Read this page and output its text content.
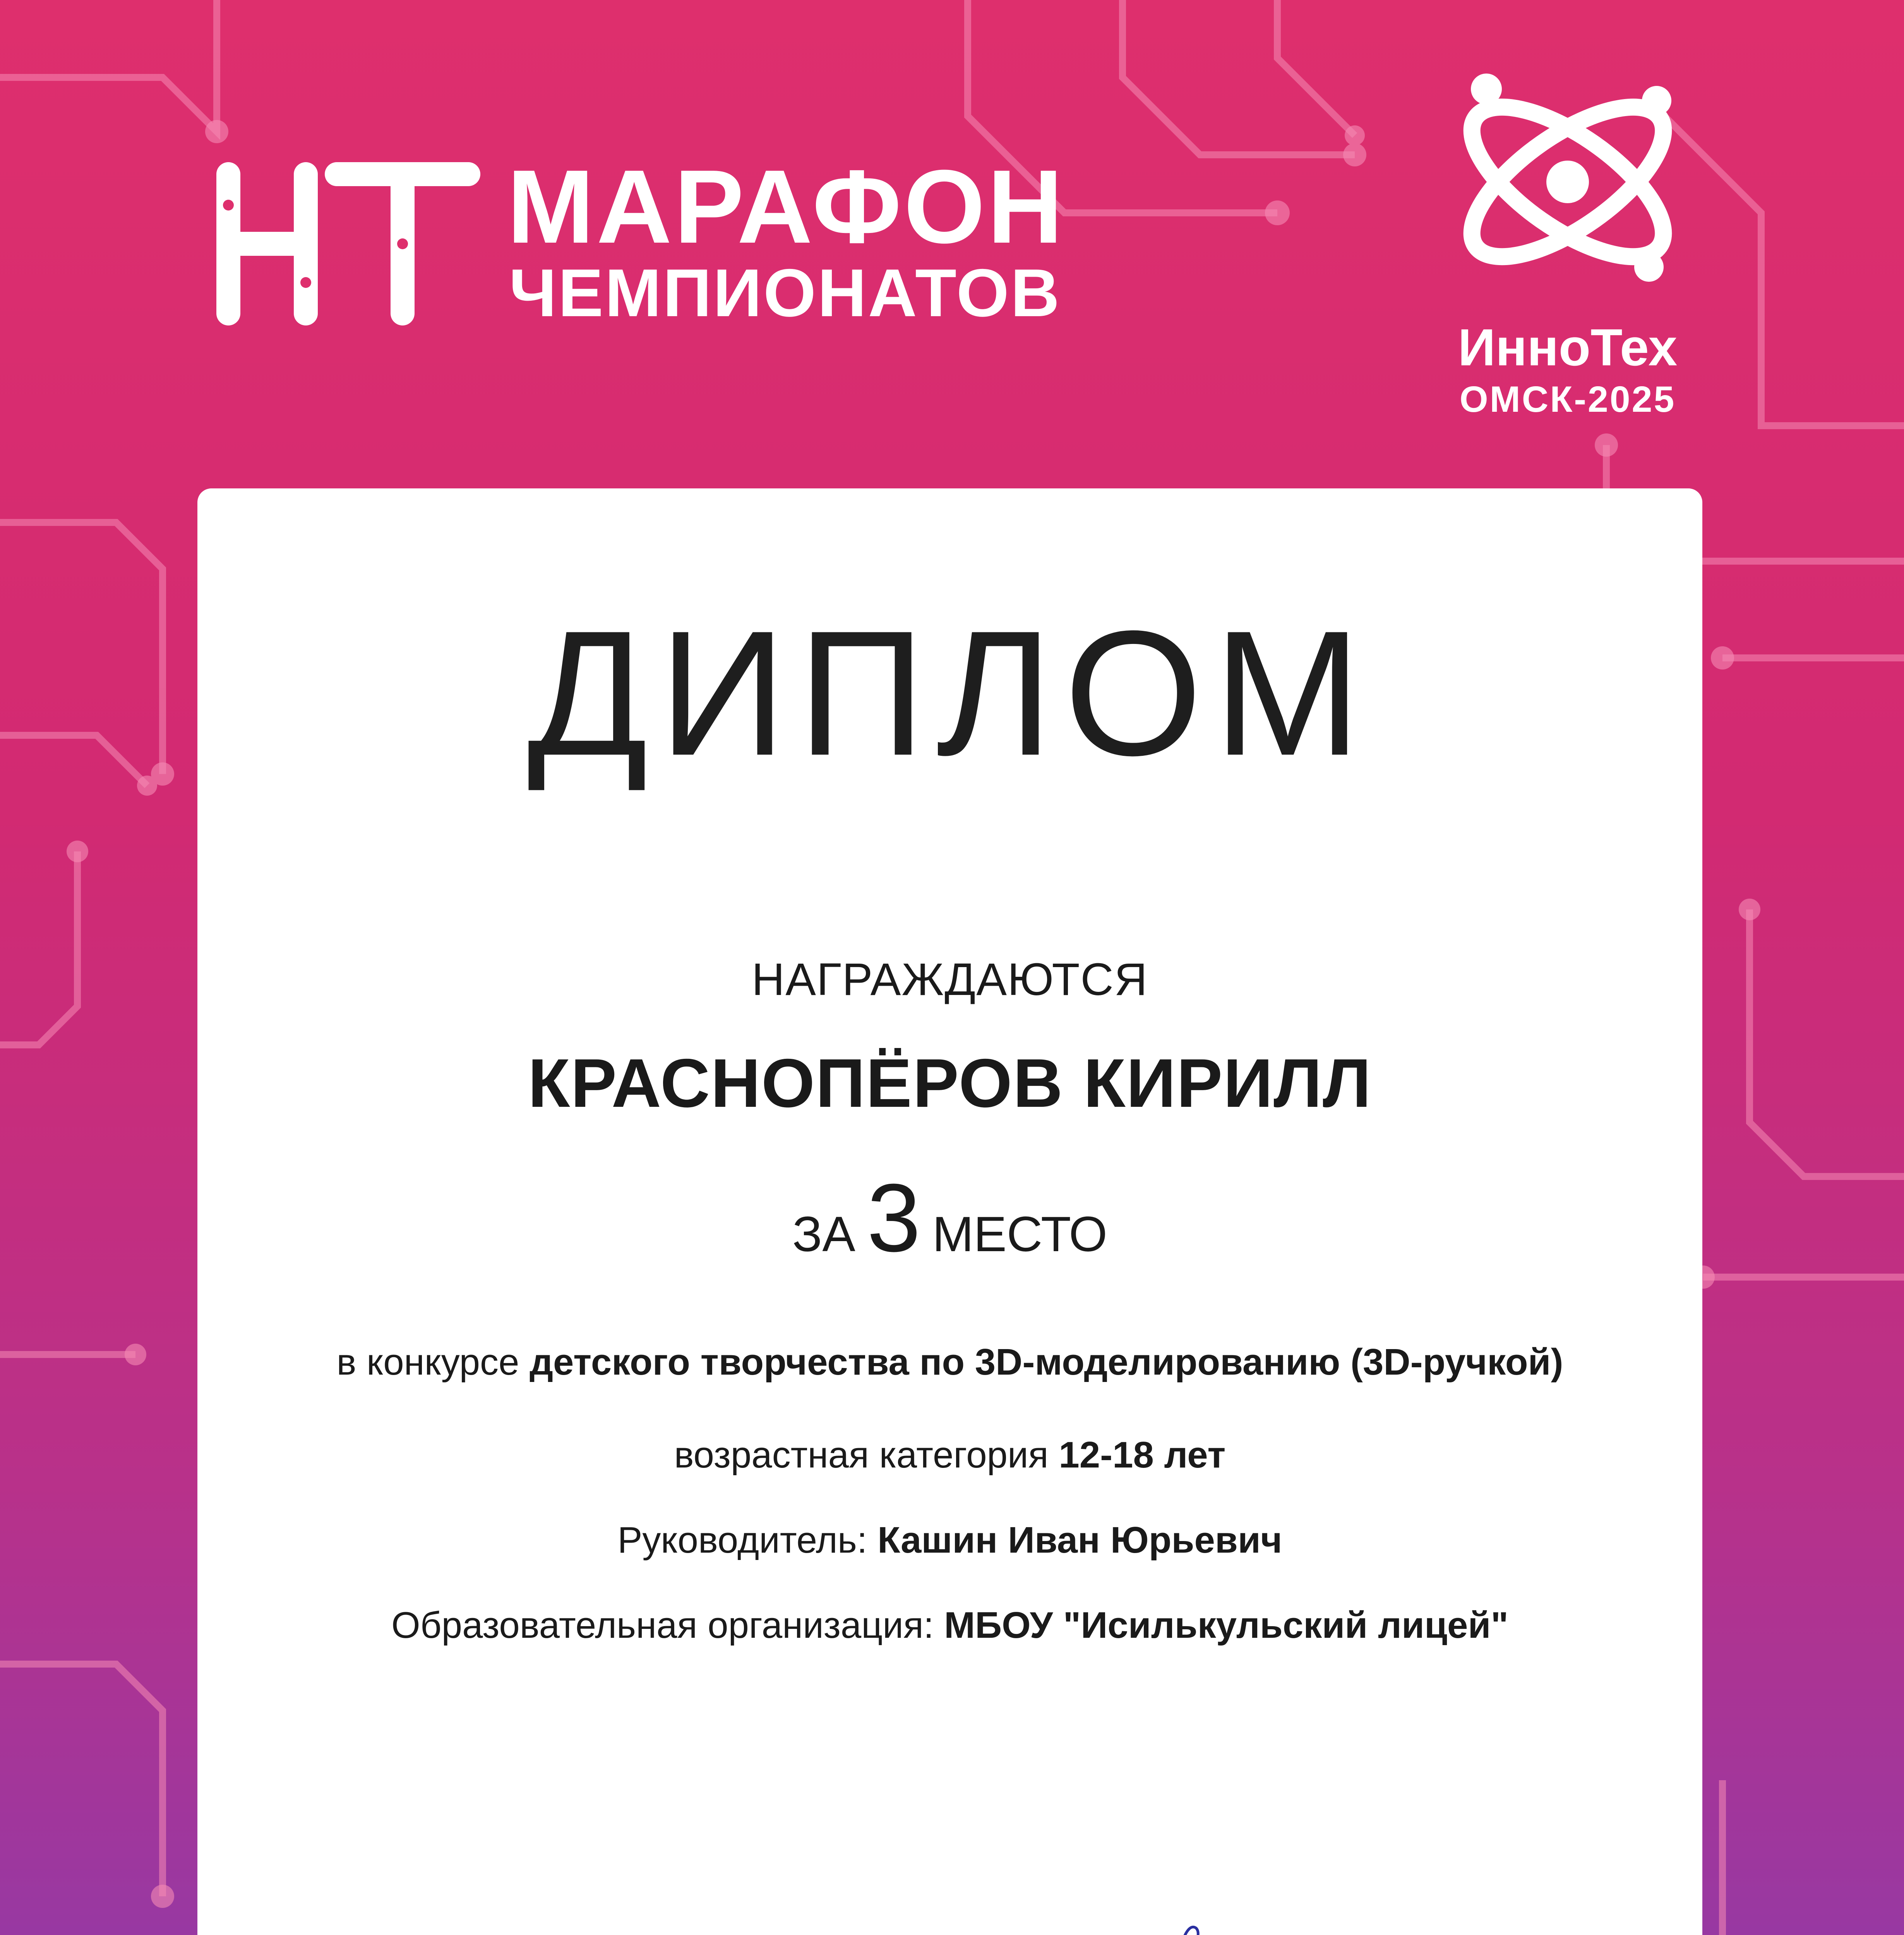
МАРАФОН
ЧЕМПИОНАТОВ
ИнноТех
ОМСК-2025
ДИПЛОМ
НАГРАЖДАЮТСЯ
КРАСНОПЁРОВ КИРИЛЛ
ЗА 3 МЕСТО
в конкурсе детского творчества по 3D-моделированию (3D-ручкой)
возрастная категория 12-18 лет
Руководитель: Кашин Иван Юрьевич
Образовательная организация: МБОУ "Исилькульский лицей"
